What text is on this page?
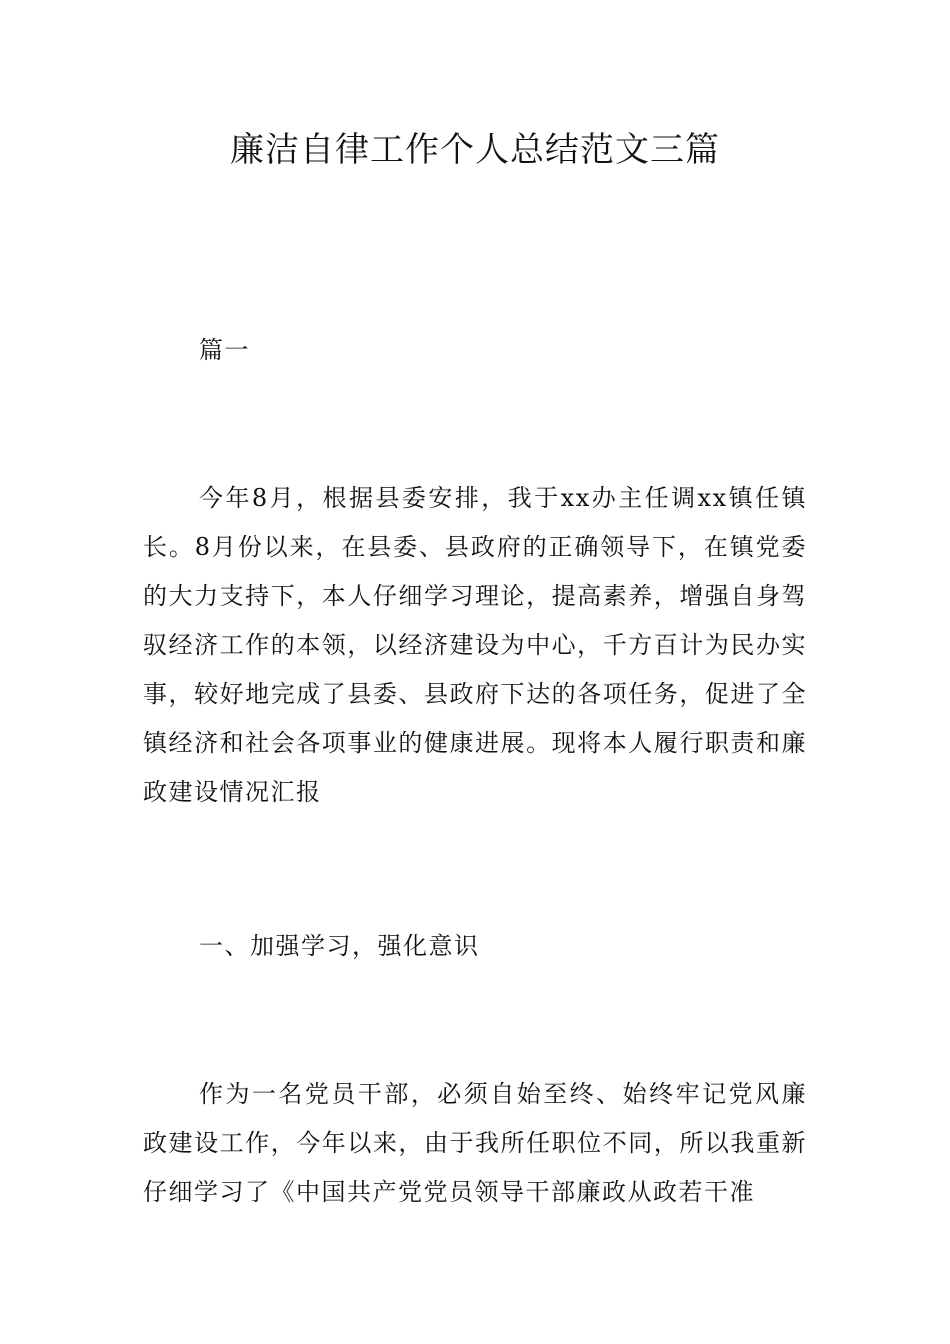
廉洁自律工作个人总结范文三篇

篇一

今年8月，根据县委安排，我于xx办主任调xx镇任镇长。8月份以来，在县委、县政府的正确领导下，在镇党委的大力支持下，本人仔细学习理论，提高素养，增强自身驾驭经济工作的本领，以经济建设为中心，千方百计为民办实事，较好地完成了县委、县政府下达的各项任务，促进了全镇经济和社会各项事业的健康进展。现将本人履行职责和廉政建设情况汇报

一、加强学习，强化意识

作为一名党员干部，必须自始至终、始终牢记党风廉政建设工作，今年以来，由于我所任职位不同，所以我重新仔细学习了《中国共产党党员领导干部廉政从政若干准
